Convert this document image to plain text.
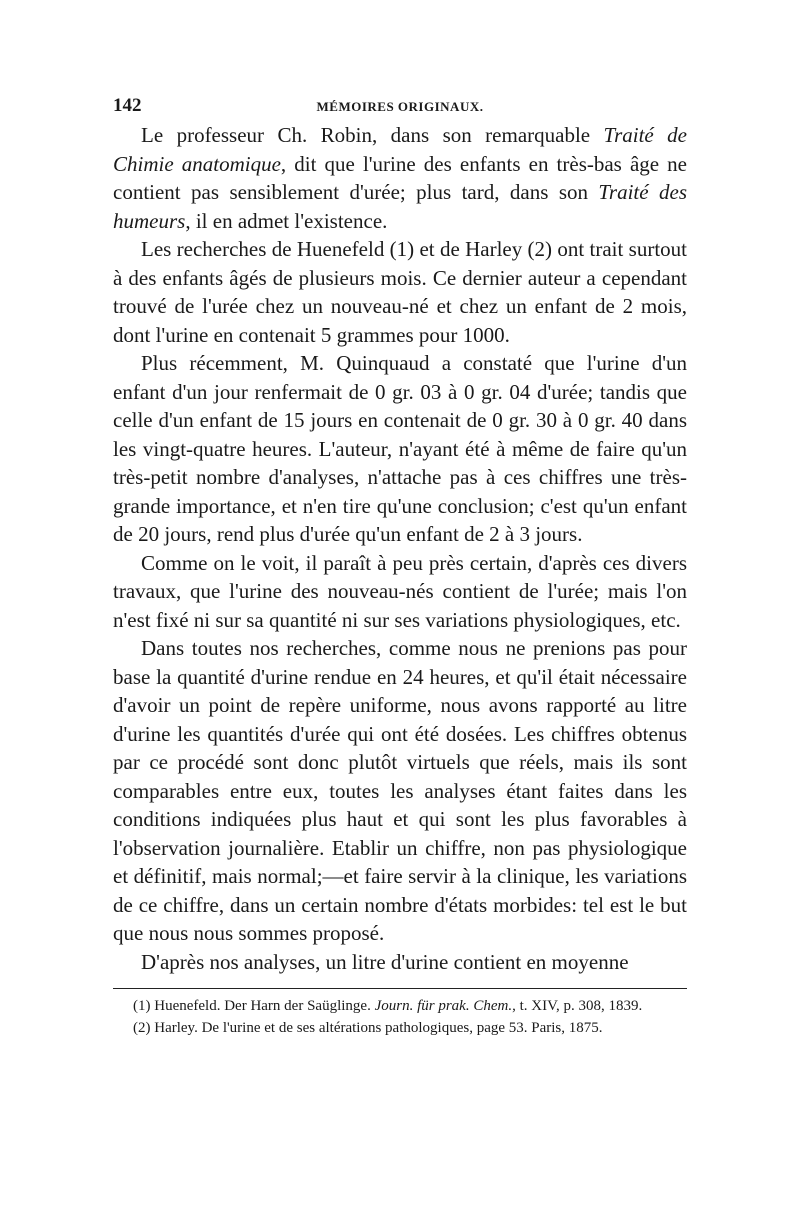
142	MÉMOIRES ORIGINAUX.

Le professeur Ch. Robin, dans son remarquable Traité de Chimie anatomique, dit que l'urine des enfants en très-bas âge ne contient pas sensiblement d'urée; plus tard, dans son Traité des humeurs, il en admet l'existence.

Les recherches de Huenefeld (1) et de Harley (2) ont trait surtout à des enfants âgés de plusieurs mois. Ce dernier auteur a cependant trouvé de l'urée chez un nouveau-né et chez un enfant de 2 mois, dont l'urine en contenait 5 grammes pour 1000.

Plus récemment, M. Quinquaud a constaté que l'urine d'un enfant d'un jour renfermait de 0 gr. 03 à 0 gr. 04 d'urée; tandis que celle d'un enfant de 15 jours en contenait de 0 gr. 30 à 0 gr. 40 dans les vingt-quatre heures. L'auteur, n'ayant été à même de faire qu'un très-petit nombre d'analyses, n'attache pas à ces chiffres une très-grande importance, et n'en tire qu'une conclusion; c'est qu'un enfant de 20 jours, rend plus d'urée qu'un enfant de 2 à 3 jours.

Comme on le voit, il paraît à peu près certain, d'après ces divers travaux, que l'urine des nouveau-nés contient de l'urée; mais l'on n'est fixé ni sur sa quantité ni sur ses variations physiologiques, etc.

Dans toutes nos recherches, comme nous ne prenions pas pour base la quantité d'urine rendue en 24 heures, et qu'il était nécessaire d'avoir un point de repère uniforme, nous avons rapporté au litre d'urine les quantités d'urée qui ont été dosées. Les chiffres obtenus par ce procédé sont donc plutôt virtuels que réels, mais ils sont comparables entre eux, toutes les analyses étant faites dans les conditions indiquées plus haut et qui sont les plus favorables à l'observation journalière. Etablir un chiffre, non pas physiologique et définitif, mais normal;—et faire servir à la clinique, les variations de ce chiffre, dans un certain nombre d'états morbides: tel est le but que nous nous sommes proposé.

D'après nos analyses, un litre d'urine contient en moyenne

(1) Huenefeld. Der Harn der Saüglinge. Journ. für prak. Chem., t. XIV, p. 308, 1839.

(2) Harley. De l'urine et de ses altérations pathologiques, page 53. Paris, 1875.
